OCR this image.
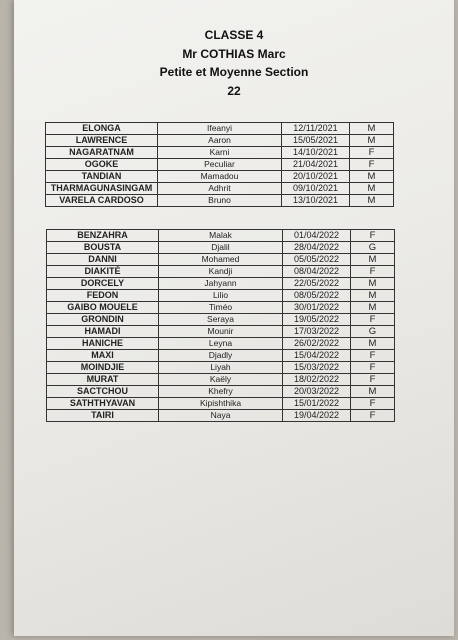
CLASSE 4
Mr COTHIAS Marc
Petite et Moyenne Section
22
ELONGA	Ifeanyi	12/11/2021	M
LAWRENCE	Aaron	15/05/2021	M
NAGARATNAM	Karni	14/10/2021	F
OGOKE	Peculiar	21/04/2021	F
TANDIAN	Mamadou	20/10/2021	M
THARMAGUNASINGAM	Adhrit	09/10/2021	M
VARELA CARDOSO	Bruno	13/10/2021	M
BENZAHRA	Malak	01/04/2022	F
BOUSTA	Djalil	28/04/2022	G
DANNI	Mohamed	05/05/2022	M
DIAKITÉ	Kandji	08/04/2022	F
DORCELY	Jahyann	22/05/2022	M
FEDON	Lilio	08/05/2022	M
GAIBO MOUELE	Timéo	30/01/2022	M
GRONDIN	Seraya	19/05/2022	F
HAMADI	Mounir	17/03/2022	G
HANICHE	Leyna	26/02/2022	M
MAXI	Djadly	15/04/2022	F
MOINDJIE	Liyah	15/03/2022	F
MURAT	Kaëly	18/02/2022	F
SACTCHOU	Khefry	20/03/2022	M
SATHTHYAVAN	Kipishthika	15/01/2022	F
TAIRI	Naya	19/04/2022	F
